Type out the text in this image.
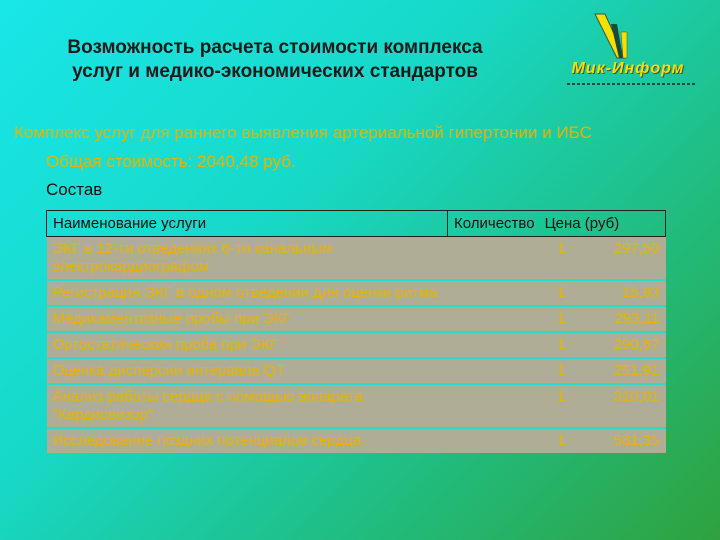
Возможность расчета стоимости комплекса
услуг и медико-экономических стандартов	Мик-Информ
Комплекс услуг для раннего выявления артериальной гипертонии и ИБС
Общая стоимость: 2040,48 руб.
Состав
Наименование услуги	Количество Цена (руб)	

ЭКГ в 12-ти отведениях 6-ти канальным электрокардиографом	1	297,50
Регистрация ЭКГ в одном отведении для оценки ритма	1	15,93
Медикаментозные пробы при ЭКГ	1	293,11
Ортостатическая проба при ЭКГ	1	290,67
Оценка дисперсии интервала QT	1	251,91
Анализ работы сердца с помощью аппарата "Кардиовизор"	1	310,01
Исследование поздних потенциалов сердца	1	581,35
